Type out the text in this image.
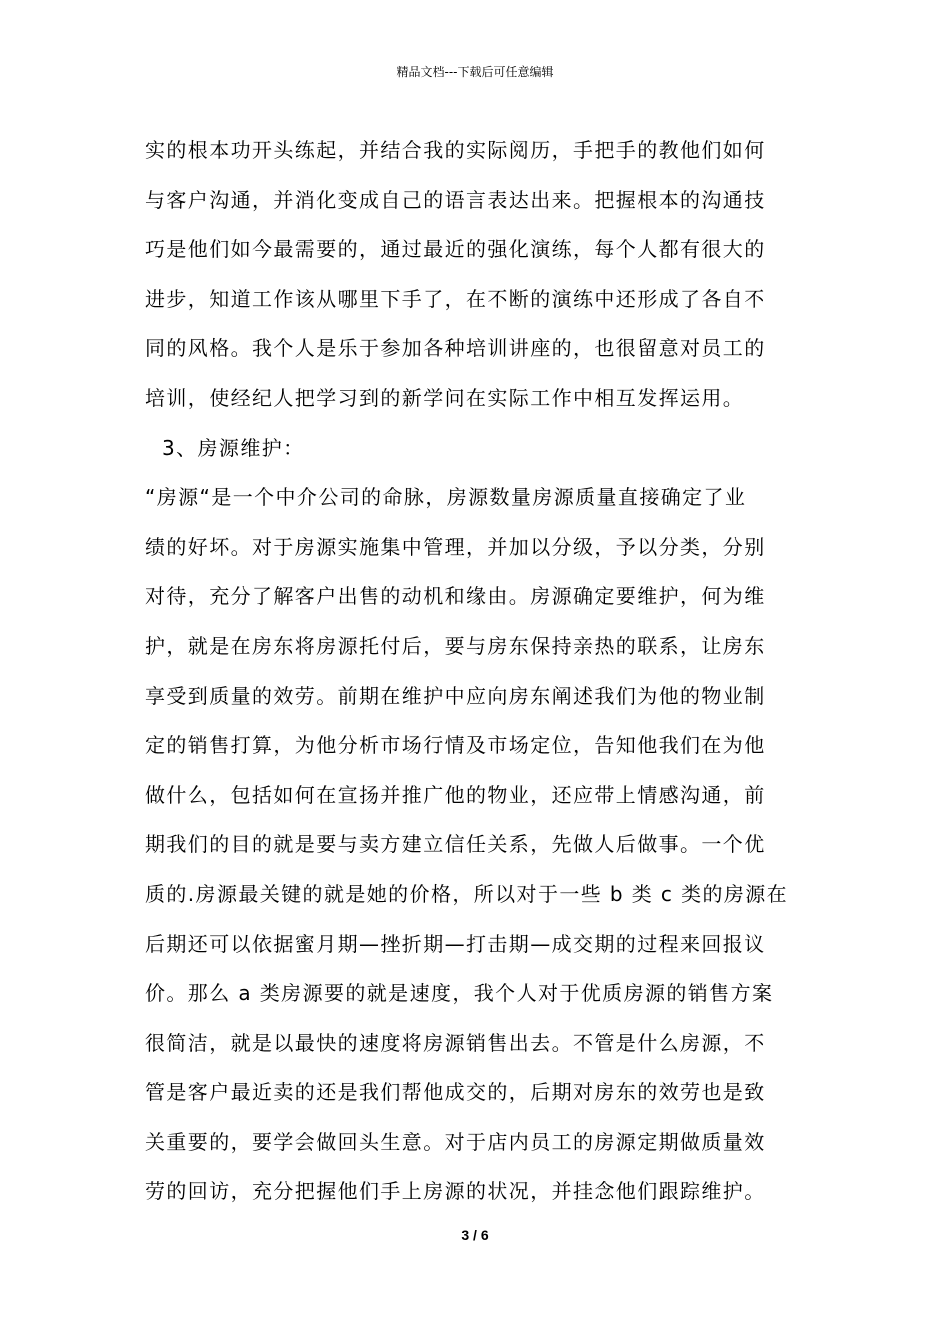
精品文档---下载后可任意编辑
实的根本功开头练起，并结合我的实际阅历，手把手的教他们如何
与客户沟通，并消化变成自己的语言表达出来。把握根本的沟通技
巧是他们如今最需要的，通过最近的强化演练，每个人都有很大的
进步，知道工作该从哪里下手了，在不断的演练中还形成了各自不
同的风格。我个人是乐于参加各种培训讲座的，也很留意对员工的
培训，使经纪人把学习到的新学问在实际工作中相互发挥运用。
3、房源维护：
“房源“是一个中介公司的命脉，房源数量房源质量直接确定了业
绩的好坏。对于房源实施集中管理，并加以分级，予以分类，分别
对待，充分了解客户出售的动机和缘由。房源确定要维护，何为维
护，就是在房东将房源托付后，要与房东保持亲热的联系，让房东
享受到质量的效劳。前期在维护中应向房东阐述我们为他的物业制
定的销售打算，为他分析市场行情及市场定位，告知他我们在为他
做什么，包括如何在宣扬并推广他的物业，还应带上情感沟通，前
期我们的目的就是要与卖方建立信任关系，先做人后做事。一个优
质的.房源最关键的就是她的价格，所以对于一些 b 类 c 类的房源在
后期还可以依据蜜月期—挫折期—打击期—成交期的过程来回报议
价。那么 a 类房源要的就是速度，我个人对于优质房源的销售方案
很简洁，就是以最快的速度将房源销售出去。不管是什么房源，不
管是客户最近卖的还是我们帮他成交的，后期对房东的效劳也是致
关重要的，要学会做回头生意。对于店内员工的房源定期做质量效
劳的回访，充分把握他们手上房源的状况，并挂念他们跟踪维护。
3 / 6
